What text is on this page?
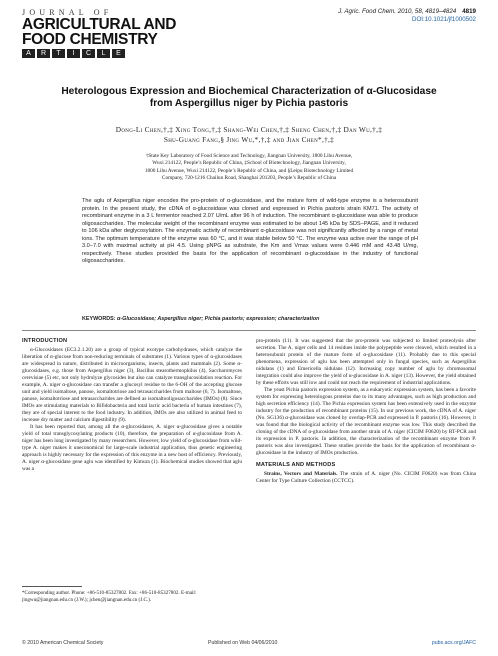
JOURNAL OF
AGRICULTURAL AND
FOOD CHEMISTRY
A	R	T	I	C	L	E
J. Agric. Food Chem. 2010, 58, 4819–4824 4819
DOI:10.1021/jf1000502
Heterologous Expression and Biochemical Characterization of α-Glucosidase from Aspergillus niger by Pichia pastoris
Dong-Li Chen,†,‡ Xing Tong,†,‡ Shang-Wei Chen,†,‡ Sheng Chen,†,‡ Dan Wu,†,‡
Shu-Guang Fang,§ Jing Wu,*,†,‡ and Jian Chen*,†,‡
†State Key Laboratory of Food Science and Technology, Jiangnan University, 1800 Lihu Avenue,
Wuxi 214122, People’s Republic of China, ‡School of Biotechnology, Jiangnan University,
1800 Lihu Avenue, Wuxi 214122, People’s Republic of China, and §Leipu Biotechnology Limited
Company, 720-1216 Chailun Road, Shanghai 201203, People’s Republic of China
The aglu of Aspergillus niger encodes the pro-protein of α-glucosidase, and the mature form of wild-type enzyme is a heterosubunit protein. In the present study, the cDNA of α-glucosidase was cloned and expressed in Pichia pastoris strain KM71. The activity of recombinant enzyme in a 3 L fermentor reached 2.07 U/mL after 96 h of induction. The recombinant α-glucosidase was able to produce oligosaccharides. The molecular weight of the recombinant enzyme was estimated to be about 145 kDa by SDS−PAGE, and it reduced to 106 kDa after deglycosylation. The enzymatic activity of recombinant α-glucosidase was not significantly affected by a range of metal ions. The optimum temperature of the enzyme was 60 °C, and it was stable below 50 °C. The enzyme was active over the range of pH 3.0−7.0 with maximal activity at pH 4.5. Using pNPG as substrate, the Km and Vmax values were 0.446 mM and 43.48 U/mg, respectively. These studies provided the basis for the application of recombinant α-glucosidase in the industry of functional oligosaccharides.
KEYWORDS: α-Glucosidase; Aspergillus niger; Pichia pastoris; expression; characterization
INTRODUCTION

α-Glucosidases (EC3.2.1.20) are a group of typical exotype carbohydrases, which catalyze the liberation of α-glucose from non-reducing terminals of substrates (1). Various types of α-glucosidases are widespread in nature, distributed in microorganisms, insects, plants and mammals (2). Some α-glucosidases, e.g. those from Aspergillus niger (3), Bacillus stearothermophilus (4), Saccharomyces cerevisiae (5) etc, not only hydrolyze glycosides but also can catalyze transglucosidation reaction. For example, A. niger α-glucosidase can transfer a glucosyl residue to the 6-OH of the accepting glucose unit and yield isomaltose, panose, isomaltotriose and tetrasaccharides from maltose (6, 7). Isomaltose, panose, isomaltotriose and tetrasaccharides are defined as isomaltooligosaccharides (IMOs) (8). Since IMOs are stimulating materials to Bifidobacteria and total lactic acid bacteria of human intestines (7), they are of special interest to the food industry. In addition, IMOs are also utilized in animal feed to increase dry matter and calcium digestibility (9).

It has been reported that, among all the α-glucosidases, A. niger α-glucosidase gives a notable yield of total transglycosylating products (10), therefore, the preparation of α-glucosidase from A. niger has been long investigated by many researchers. However, low yield of α-glucosidase from wild-type A. niger makes it uneconomical for large-scale industrial application, thus genetic engineering approach is highly necessary for the expression of this enzyme in a new host of efficiency. Previously, A. niger α-glucosidase gene aglu was identified by Kimura (1). Biochemical studies showed that aglu was a

*Corresponding author. Phone: +86-510-85327802. Fax: +86-510-85327802. E-mail: jingwu@jiangnan.edu.cn (J.W.); jchen@jiangnan.edu.cn (J.C.).

pro-protein (11). It was suggested that the pro-protein was subjected to limited proteolysis after secretion. The A. niger cells and 14 residues inside the polypeptide were cleaved, which resulted in a heterosubunit protein of the mature form of α-glucosidase (11). Probably due to this special phenomena, expression of aglu has been attempted only in fungal species, such as Aspergillus nidulans (1) and Emericella nidulans (12). Increasing copy number of aglu by chromosomal integration could also improve the yield of α-glucosidase in A. niger (13). However, the yield obtained by these efforts was still low and could not reach the requirement of industrial applications.

The yeast Pichia pastoris expression system, as a eukaryotic expression system, has been a favorite system for expressing heterologous proteins due to its many advantages, such as high production and high secretion efficiency (14). The Pichia expression system has been extensively used in the enzyme industry for the production of recombinant proteins (15). In our previous work, the cDNA of A. niger (No. SG136) α-glucosidase was cloned by overlap-PCR and expressed in P. pastoris (16). However, it was found that the biological activity of the recombinant enzyme was low. This study described the cloning of the cDNA of α-glucosidase from another strain of A. niger (CICIM F0620) by RT-PCR and its expression in P. pastoris. In addition, the characterization of the recombinant enzyme from P. pastoris was also investigated. These studies provide the basis for the application of recombinant α-glucosidase in the industry of IMOs production.

MATERIALS AND METHODS

Strains, Vectors and Materials. The strain of A. niger (No. CICIM F0620) was from China Center for Type Culture Collection (CCTCC).

© 2010 American Chemical Society	Published on Web 04/06/2010	pubs.acs.org/JAFC
